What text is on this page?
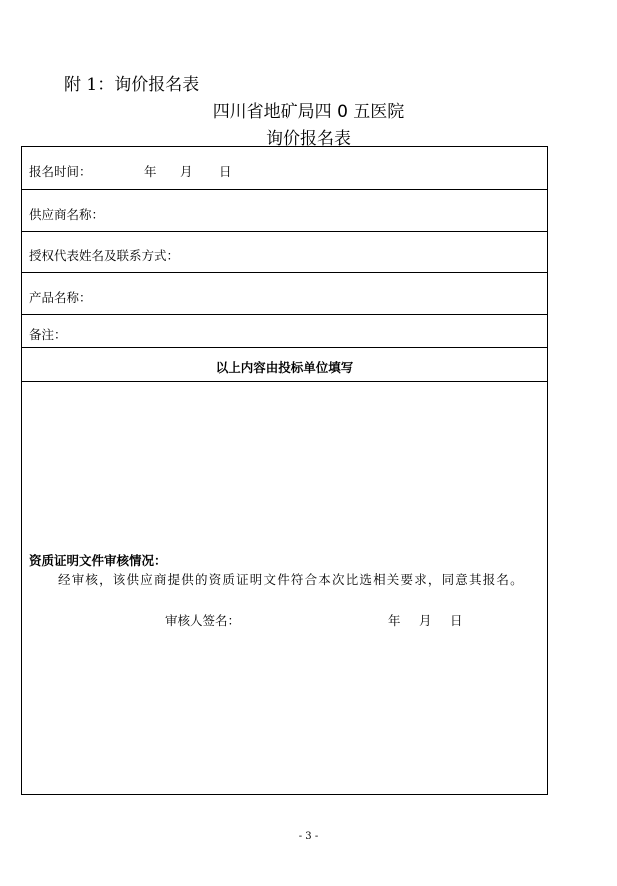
附 1：询价报名表
四川省地矿局四 0 五医院
询价报名表
报名时间：	年 月 日
供应商名称：
授权代表姓名及联系方式：
产品名称：
备注：
以上内容由投标单位填写
资质证明文件审核情况：
经审核，该供应商提供的资质证明文件符合本次比选相关要求，同意其报名。
审核人签名：	年 月 日
- 3 -
